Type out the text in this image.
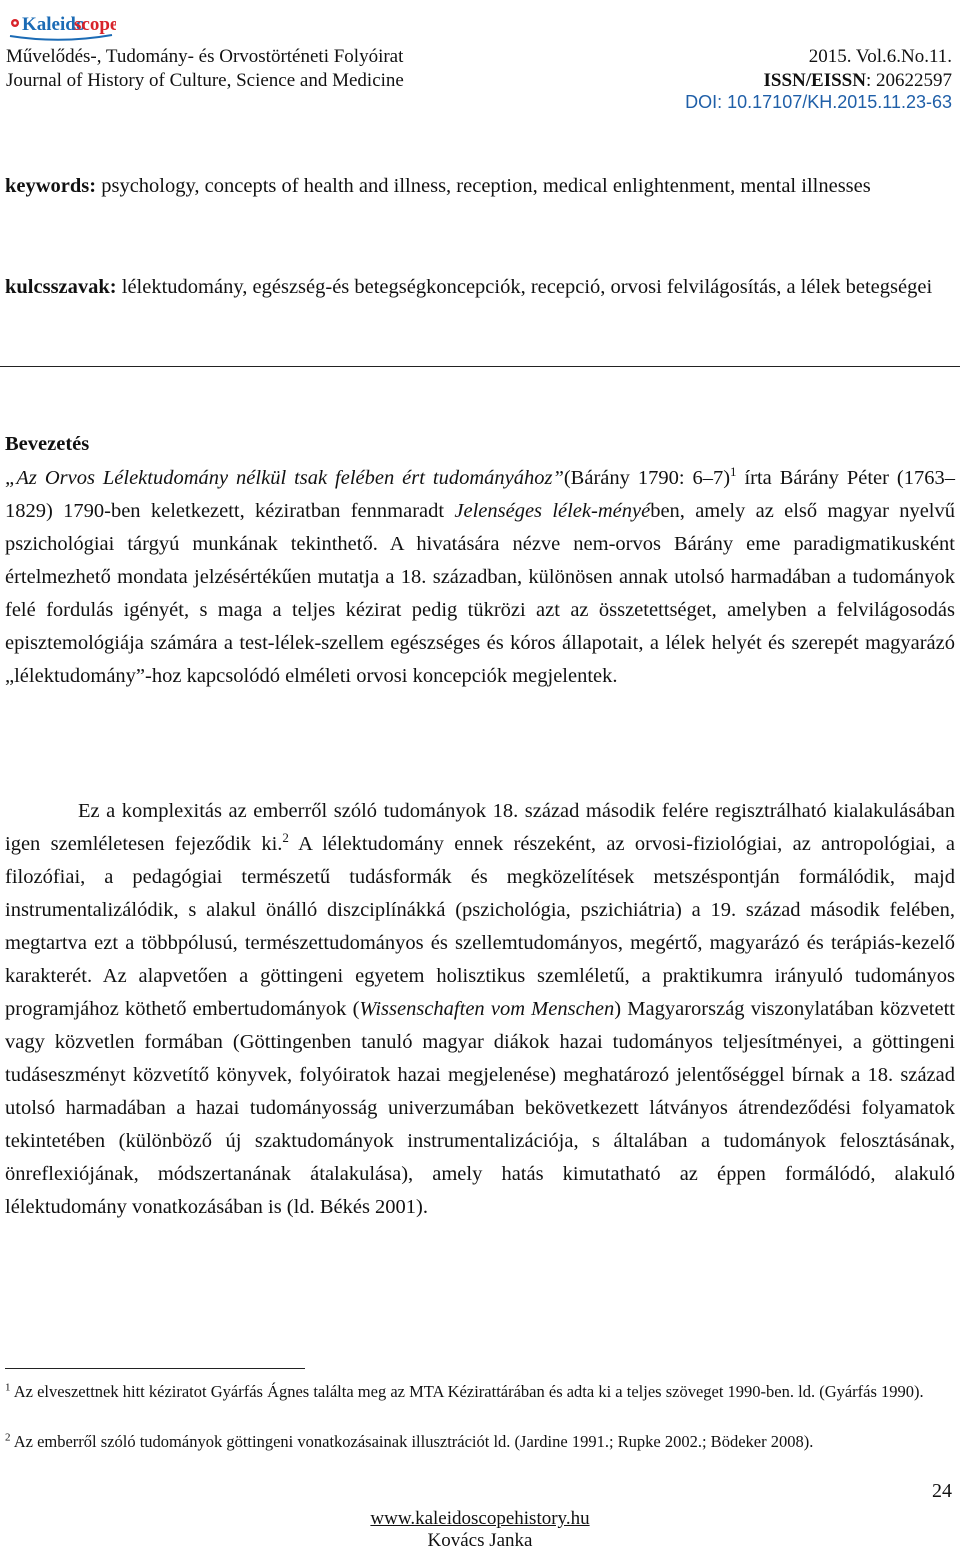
Kaleido
scope
Művelődés-, Tudomány- és Orvostörténeti Folyóirat
Journal of History of Culture, Science and Medicine
2015. Vol.6.No.11.
ISSN/EISSN: 20622597
DOI: 10.17107/KH.2015.11.23-63

keywords: psychology, concepts of health and illness, reception, medical enlightenment, mental illnesses

kulcsszavak: lélektudomány, egészség-és betegségkoncepciók, recepció, orvosi felvilágosítás, a lélek betegségei

Bevezetés

„Az Orvos Lélektudomány nélkül tsak felében ért tudományához”(Bárány 1790: 6–7)$^1$ írta Bárány Péter (1763–1829) 1790-ben keletkezett, kéziratban fennmaradt Jelenséges lélek-ményében, amely az első magyar nyelvű pszichológiai tárgyú munkának tekinthető. A hivatására nézve nem-orvos Bárány eme paradigmatikusként értelmezhető mondata jelzésértékűen mutatja a 18. században, különösen annak utolsó harmadában a tudományok felé fordulás igényét, s maga a teljes kézirat pedig tükrözi azt az összetettséget, amelyben a felvilágosodás episztemológiája számára a test-lélek-szellem egészséges és kóros állapotait, a lélek helyét és szerepét magyarázó „lélektudomány”-hoz kapcsolódó elméleti orvosi koncepciók megjelentek.

Ez a komplexitás az emberről szóló tudományok 18. század második felére regisztrálható kialakulásában igen szemléletesen fejeződik ki.$^2$ A lélektudomány ennek részeként, az orvosi-fiziológiai, az antropológiai, a filozófiai, a pedagógiai természetű tudásformák és megközelítések metszéspontján formálódik, majd instrumentalizálódik, s alakul önálló diszciplínákká (pszichológia, pszichiátria) a 19. század második felében, megtartva ezt a többpólusú, természettudományos és szellemtudományos, megértő, magyarázó és terápiás-kezelő karakterét. Az alapvetően a göttingeni egyetem holisztikus szemléletű, a praktikumra irányuló tudományos programjához köthető embertudományok (Wissenschaften vom Menschen) Magyarország viszonylatában közvetett vagy közvetlen formában (Göttingenben tanuló magyar diákok hazai tudományos teljesítményei, a göttingeni tudáseszményt közvetítő könyvek, folyóiratok hazai megjelenése) meghatározó jelentőséggel bírnak a 18. század utolsó harmadában a hazai tudományosság univerzumában bekövetkezett látványos átrendeződési folyamatok tekintetében (különböző új szaktudományok instrumentalizációja, s általában a tudományok felosztásának, önreflexiójának, módszertanának átalakulása), amely hatás kimutatható az éppen formálódó, alakuló lélektudomány vonatkozásában is (ld. Békés 2001).

$^1$ Az elveszettnek hitt kéziratot Gyárfás Ágnes találta meg az MTA Kézirattárában és adta ki a teljes szöveget 1990-ben. ld. (Gyárfás 1990).

$^2$ Az emberről szóló tudományok göttingeni vonatkozásainak illusztrációt ld. (Jardine 1991.; Rupke 2002.; Bödeker 2008).

24
www.kaleidoscopehistory.hu
Kovács Janka
